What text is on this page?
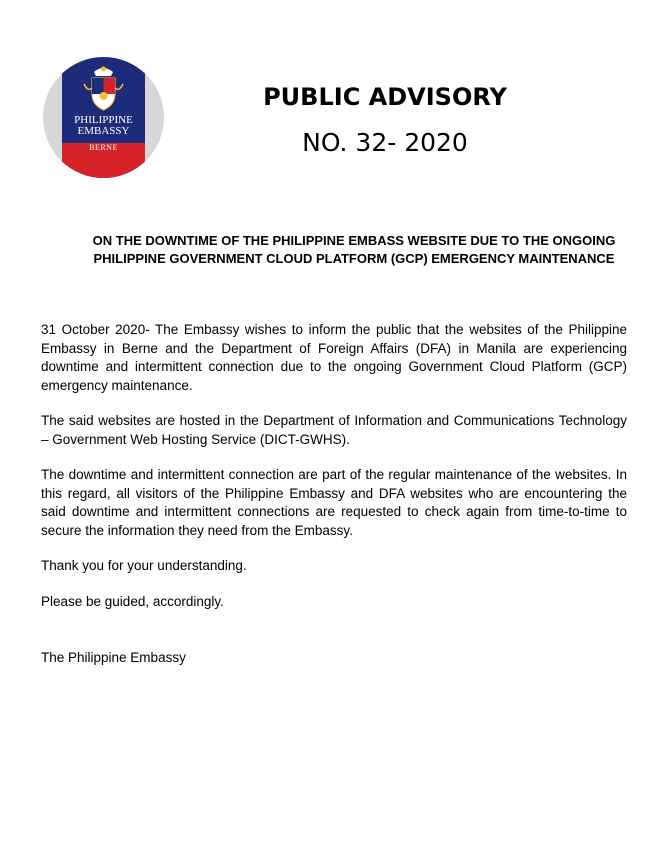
PHILIPPINE
EMBASSY
BERNE
PUBLIC ADVISORY
NO. 32- 2020
ON THE DOWNTIME OF THE PHILIPPINE EMBASS WEBSITE DUE TO THE ONGOING PHILIPPINE GOVERNMENT CLOUD PLATFORM (GCP) EMERGENCY MAINTENANCE
31 October 2020- The Embassy wishes to inform the public that the websites of the Philippine Embassy in Berne and the Department of Foreign Affairs (DFA) in Manila are experiencing downtime and intermittent connection due to the ongoing Government Cloud Platform (GCP) emergency maintenance.
The said websites are hosted in the Department of Information and Communications Technology – Government Web Hosting Service (DICT-GWHS).
The downtime and intermittent connection are part of the regular maintenance of the websites. In this regard, all visitors of the Philippine Embassy and DFA websites who are encountering the said downtime and intermittent connections are requested to check again from time-to-time to secure the information they need from the Embassy.
Thank you for your understanding.
Please be guided, accordingly.
The Philippine Embassy
